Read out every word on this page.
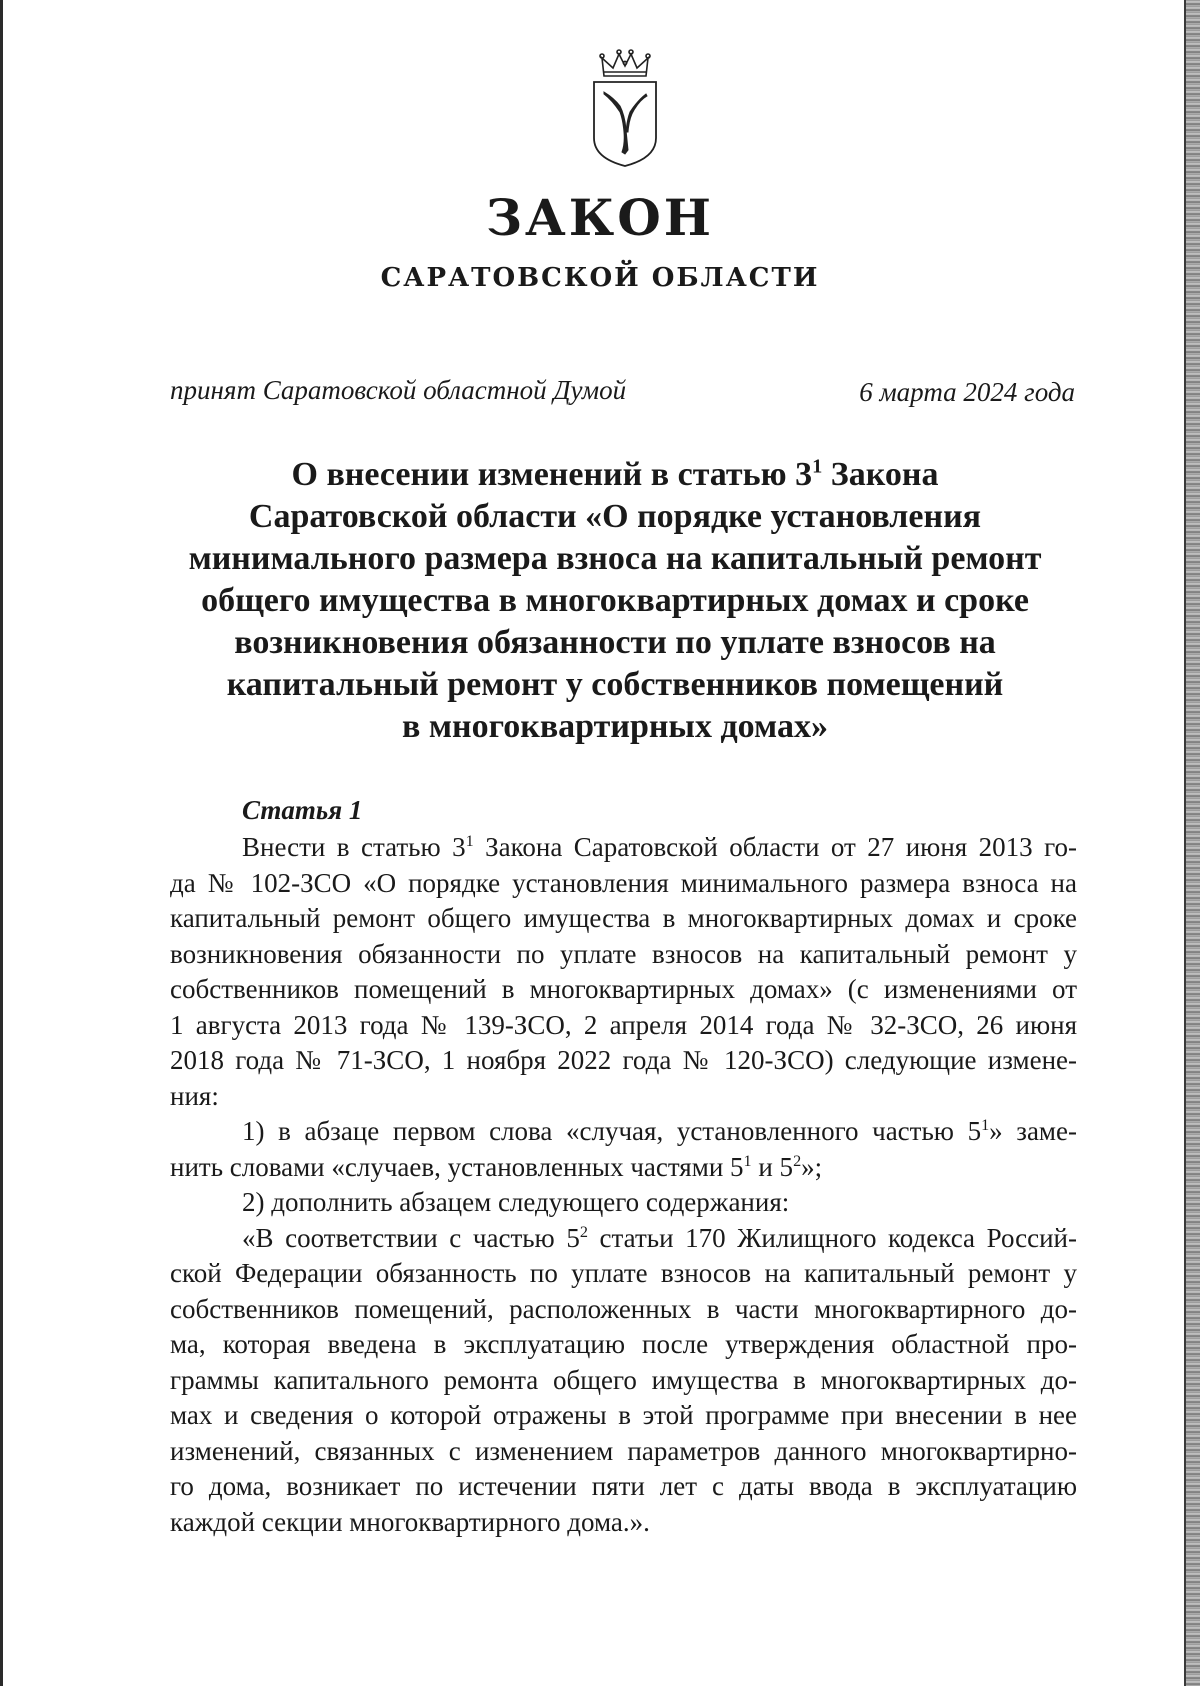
ЗАКОН
САРАТОВСКОЙ ОБЛАСТИ
принят Саратовской областной Думой	6 марта 2024 года
О внесении изменений в статью $3^1$ Закона
Саратовской области «О порядке установления
минимального размера взноса на капитальный ремонт
общего имущества в многоквартирных домах и сроке
возникновения обязанности по уплате взносов на
капитальный ремонт у собственников помещений
в многоквартирных домах»
Статья 1
Внести в статью $3^1$ Закона Саратовской области от 27 июня 2013 го-
да № 102-ЗСО «О порядке установления минимального размера взноса на
капитальный ремонт общего имущества в многоквартирных домах и сроке
возникновения обязанности по уплате взносов на капитальный ремонт у
собственников помещений в многоквартирных домах» (с изменениями от
1 августа 2013 года № 139-ЗСО, 2 апреля 2014 года № 32-ЗСО, 26 июня
2018 года № 71-ЗСО, 1 ноября 2022 года № 120-ЗСО) следующие измене-
ния:
1) в абзаце первом слова «случая, установленного частью $5^1$» заме-
нить словами «случаев, установленных частями $5^1$ и $5^2$»;
2) дополнить абзацем следующего содержания:
«В соответствии с частью $5^2$ статьи 170 Жилищного кодекса Россий-
ской Федерации обязанность по уплате взносов на капитальный ремонт у
собственников помещений, расположенных в части многоквартирного до-
ма, которая введена в эксплуатацию после утверждения областной про-
граммы капитального ремонта общего имущества в многоквартирных до-
мах и сведения о которой отражены в этой программе при внесении в нее
изменений, связанных с изменением параметров данного многоквартирно-
го дома, возникает по истечении пяти лет с даты ввода в эксплуатацию
каждой секции многоквартирного дома.».
